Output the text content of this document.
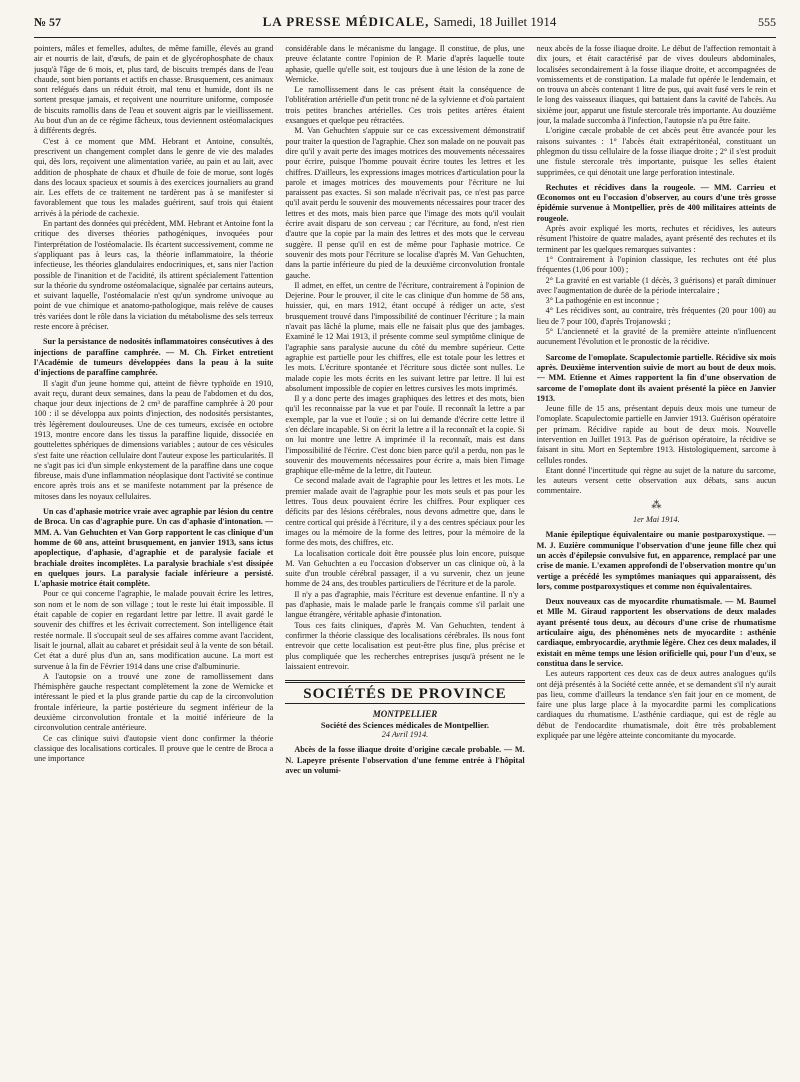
№ 57	LA PRESSE MÉDICALE, Samedi, 18 Juillet 1914	555

pointers, mâles et femelles, adultes, de même famille, élevés au grand air et nourris de lait, d'œufs, de pain et de glycérophosphate de chaux jusqu'à l'âge de 6 mois, et, plus tard, de biscuits trempés dans de l'eau chaude, sont bien portants et actifs en chasse. Brusquement, ces animaux sont relégués dans un réduit étroit, mal tenu et humide, dont ils ne sortent presque jamais, et reçoivent une nourriture uniforme, composée de biscuits ramollis dans de l'eau et souvent aigris par le vieillissement. Au bout d'un an de ce régime fâcheux, tous deviennent ostéomalaciques à différents degrés.

C'est à ce moment que MM. Hebrant et Antoine, consultés, prescrivent un changement complet dans le genre de vie des malades qui, dès lors, reçoivent une alimentation variée, au pain et au lait, avec addition de phosphate de chaux et d'huile de foie de morue, sont logés dans des locaux spacieux et soumis à des exercices journaliers au grand air. Les effets de ce traitement ne tardèrent pas à se manifester si favorablement que tous les malades guérirent, sauf trois qui étaient arrivés à la période de cachexie.

En partant des données qui précèdent, MM. Hebrant et Antoine font la critique des diverses théories pathogéniques, invoquées pour l'interprétation de l'ostéomalacie. Ils écartent successivement, comme ne s'appliquant pas à leurs cas, la théorie inflammatoire, la théorie infectieuse, les théories glandulaires endocriniques, et, sans nier l'action possible de l'inanition et de l'acidité, ils attirent spécialement l'attention sur la théorie du syndrome ostéomalacique, signalée par certains auteurs, et suivant laquelle, l'ostéomalacie n'est qu'un syndrome univoque au point de vue chimique et anatomo-pathologique, mais relève de causes très variées dont le rôle dans la viciation du métabolisme des sels terreux reste encore à préciser.

Sur la persistance de nodosités inflammatoires consécutives à des injections de paraffine camphrée. — M. Ch. Firket entretient l'Académie de tumeurs développées dans la peau à la suite d'injections de paraffine camphrée.

Il s'agit d'un jeune homme qui, atteint de fièvre typhoïde en 1910, avait reçu, durant deux semaines, dans la peau de l'abdomen et du dos, chaque jour deux injections de 2 cm³ de paraffine camphrée à 20 pour 100 : il se développa aux points d'injection, des nodosités persistantes, très légèrement douloureuses. Une de ces tumeurs, excisée en octobre 1913, montre encore dans les tissus la paraffine liquide, dissociée en gouttelettes sphériques de dimensions variables ; autour de ces vésicules s'est faite une réaction cellulaire dont l'auteur expose les particularités. Il ne s'agit pas ici d'un simple enkystement de la paraffine dans une coque fibreuse, mais d'une inflammation néoplasique dont l'activité se continue encore après trois ans et se manifeste notamment par la présence de mitoses dans les noyaux cellulaires.

Un cas d'aphasie motrice vraie avec agraphie par lésion du centre de Broca. Un cas d'agraphie pure. Un cas d'aphasie d'intonation. — MM. A. Van Gehuchten et Van Gorp rapportent le cas clinique d'un homme de 60 ans, atteint brusquement, en janvier 1913, sans ictus apoplectique, d'aphasie, d'agraphie et de paralysie faciale et brachiale droites incomplètes. La paralysie brachiale s'est dissipée en quelques jours. La paralysie faciale inférieure a persisté. L'aphasie motrice était complète.

Pour ce qui concerne l'agraphie, le malade pouvait écrire les lettres, son nom et le nom de son village ; tout le reste lui était impossible. Il était capable de copier en regardant lettre par lettre. Il avait gardé le souvenir des chiffres et les écrivait correctement. Son intelligence était restée normale. Il s'occupait seul de ses affaires comme avant l'accident, lisait le journal, allait au cabaret et présidait seul à la vente de son bétail. Cet état a duré plus d'un an, sans modification aucune. La mort est survenue à la fin de Février 1914 dans une crise d'albuminurie.

A l'autopsie on a trouvé une zone de ramollissement dans l'hémisphère gauche respectant complètement la zone de Wernicke et intéressant le pied et la plus grande partie du cap de la circonvolution frontale inférieure, la partie postérieure du segment inférieur de la deuxième circonvolution frontale et la moitié inférieure de la circonvolution centrale antérieure.

Ce cas clinique suivi d'autopsie vient donc confirmer la théorie classique des localisations corticales. Il prouve que le centre de Broca a une importance

considérable dans le mécanisme du langage. Il constitue, de plus, une preuve éclatante contre l'opinion de P. Marie d'après laquelle toute aphasie, quelle qu'elle soit, est toujours due à une lésion de la zone de Wernicke.

Le ramollissement dans le cas présent était la conséquence de l'oblitération artérielle d'un petit tronc né de la sylvienne et d'où partaient trois petites branches artérielles. Ces trois petites artères étaient exsangues et quelque peu rétractées.

M. Van Gehuchten s'appuie sur ce cas excessivement démonstratif pour traiter la question de l'agraphie. Chez son malade on ne pouvait pas dire qu'il y avait perte des images motrices des mouvements nécessaires pour écrire, puisque l'homme pouvait écrire toutes les lettres et les chiffres. D'ailleurs, les expressions images motrices d'articulation pour la parole et images motrices des mouvements pour l'écriture ne lui paraissent pas exactes. Si son malade n'écrivait pas, ce n'est pas parce qu'il avait perdu le souvenir des mouvements nécessaires pour tracer des lettres et des mots, mais bien parce que l'image des mots qu'il voulait écrire avait disparu de son cerveau ; car l'écriture, au fond, n'est rien d'autre que la copie par la main des lettres et des mots que le cerveau suggère. Il pense qu'il en est de même pour l'aphasie motrice. Ce souvenir des mots pour l'écriture se localise d'après M. Van Gehuchten, dans la partie inférieure du pied de la deuxième circonvolution frontale gauche.

Il admet, en effet, un centre de l'écriture, contrairement à l'opinion de Dejerine. Pour le prouver, il cite le cas clinique d'un homme de 58 ans, huissier, qui, en mars 1912, étant occupé à rédiger un acte, s'est brusquement trouvé dans l'impossibilité de continuer l'écriture ; la main n'avait pas lâché la plume, mais elle ne faisait plus que des jambages. Examiné le 12 Mai 1913, il présente comme seul symptôme clinique de l'agraphie sans paralysie aucune du côté du membre supérieur. Cette agraphie est partielle pour les chiffres, elle est totale pour les lettres et les mots. L'écriture spontanée et l'écriture sous dictée sont nulles. Le malade copie les mots écrits en les suivant lettre par lettre. Il lui est absolument impossible de copier en lettres cursives les mots imprimés.

Il y a donc perte des images graphiques des lettres et des mots, bien qu'il les reconnaisse par la vue et par l'ouïe. Il reconnaît la lettre a par exemple, par la vue et l'ouïe ; si on lui demande d'écrire cette lettre il s'en déclare incapable. Si on écrit la lettre a il la reconnaît et la copie. Si on lui montre une lettre A imprimée il la reconnaît, mais est dans l'impossibilité de l'écrire. C'est donc bien parce qu'il a perdu, non pas le souvenir des mouvements nécessaires pour écrire a, mais bien l'image graphique elle-même de la lettre, dit l'auteur.

Ce second malade avait de l'agraphie pour les lettres et les mots. Le premier malade avait de l'agraphie pour les mots seuls et pas pour les lettres. Tous deux pouvaient écrire les chiffres. Pour expliquer ces déficits par des lésions cérébrales, nous devons admettre que, dans le centre cortical qui préside à l'écriture, il y a des centres spéciaux pour les images ou la mémoire de la forme des lettres, pour la mémoire de la forme des mots, des chiffres, etc.

La localisation corticale doit être poussée plus loin encore, puisque M. Van Gehuchten a eu l'occasion d'observer un cas clinique où, à la suite d'un trouble cérébral passager, il a vu survenir, chez un jeune homme de 24 ans, des troubles particuliers de l'écriture et de la parole.

Il n'y a pas d'agraphie, mais l'écriture est devenue enfantine. Il n'y a pas d'aphasie, mais le malade parle le français comme s'il parlait une langue étrangère, véritable aphasie d'intonation.

Tous ces faits cliniques, d'après M. Van Gehuchten, tendent à confirmer la théorie classique des localisations cérébrales. Ils nous font entrevoir que cette localisation est peut-être plus fine, plus précise et plus compliquée que les recherches entreprises jusqu'à présent ne le laissaient entrevoir.

SOCIÉTÉS DE PROVINCE

MONTPELLIER

Société des Sciences médicales de Montpellier.

24 Avril 1914.

Abcès de la fosse iliaque droite d'origine cæcale probable. — M. N. Lapeyre présente l'observation d'une femme entrée à l'hôpital avec un volumi-

neux abcès de la fosse iliaque droite. Le début de l'affection remontait à dix jours, et était caractérisé par de vives douleurs abdominales, localisées secondairement à la fosse iliaque droite, et accompagnées de vomissements et de constipation. La malade fut opérée le lendemain, et on trouva un abcès contenant 1 litre de pus, qui avait fusé vers le rein et le long des vaisseaux iliaques, qui battaient dans la cavité de l'abcès. Au sixième jour, apparut une fistule stercorale très importante. Au douzième jour, la malade succomba à l'infection, l'autopsie n'a pu être faite.

L'origine cæcale probable de cet abcès peut être avancée pour les raisons suivantes : 1° l'abcès était extrapéritonéal, constituant un phlegmon du tissu cellulaire de la fosse iliaque droite ; 2° il s'est produit une fistule stercorale très importante, puisque les selles étaient supprimées, ce qui dénotait une large perforation intestinale.

Rechutes et récidives dans la rougeole. — MM. Carrieu et Œconomos ont eu l'occasion d'observer, au cours d'une très grosse épidémie survenue à Montpellier, près de 400 militaires atteints de rougeole.

Après avoir expliqué les morts, rechutes et récidives, les auteurs résument l'histoire de quatre malades, ayant présenté des rechutes et ils terminent par les quelques remarques suivantes :

1° Contrairement à l'opinion classique, les rechutes ont été plus fréquentes (1,06 pour 100) ;

2° La gravité en est variable (1 décès, 3 guérisons) et paraît diminuer avec l'augmentation de durée de la période intercalaire ;

3° La pathogénie en est inconnue ;

4° Les récidives sont, au contraire, très fréquentes (20 pour 100) au lieu de 7 pour 100, d'après Trojanowski ;

5° L'ancienneté et la gravité de la première atteinte n'influencent aucunement l'évolution et le pronostic de la récidive.

Sarcome de l'omoplate. Scapulectomie partielle. Récidive six mois après. Deuxième intervention suivie de mort au bout de deux mois. — MM. Etienne et Aimes rapportent la fin d'une observation de sarcome de l'omoplate dont ils avaient présenté la pièce en Janvier 1913.

Jeune fille de 15 ans, présentant depuis deux mois une tumeur de l'omoplate. Scapulectomie partielle en Janvier 1913. Guérison opératoire per primam. Récidive rapide au bout de deux mois. Nouvelle intervention en Juillet 1913. Pas de guérison opératoire, la récidive se faisant in situ. Mort en Septembre 1913. Histologiquement, sarcome à cellules rondes.

Etant donné l'incertitude qui règne au sujet de la nature du sarcome, les auteurs versent cette observation aux débats, sans aucun commentaire.

⁂

1er Mai 1914.

Manie épileptique équivalentaire ou manie postparoxystique. — M. J. Euzière communique l'observation d'une jeune fille chez qui un accès d'épilepsie convulsive fut, en apparence, remplacé par une crise de manie. L'examen approfondi de l'observation montre qu'un vertige a précédé les symptômes maniaques qui apparaissent, dès lors, comme postparoxystiques et comme non équivalentaires.

Deux nouveaux cas de myocardite rhumatismale. — M. Baumel et Mlle M. Giraud rapportent les observations de deux malades ayant présenté tous deux, au décours d'une crise de rhumatisme articulaire aigu, des phénomènes nets de myocardite : asthénie cardiaque, embryocardie, arythmie légère. Chez ces deux malades, il existait en même temps une lésion orificielle qui, pour l'un d'eux, se constitua dans le service.

Les auteurs rapportent ces deux cas de deux autres analogues qu'ils ont déjà présentés à la Société cette année, et se demandent s'il n'y aurait pas lieu, comme d'ailleurs la tendance s'en fait jour en ce moment, de faire une plus large place à la myocardite parmi les complications cardiaques du rhumatisme. L'asthénie cardiaque, qui est de règle au début de l'endocardite rhumatismale, doit être très probablement expliquée par une légère atteinte concomitante du myocarde.
